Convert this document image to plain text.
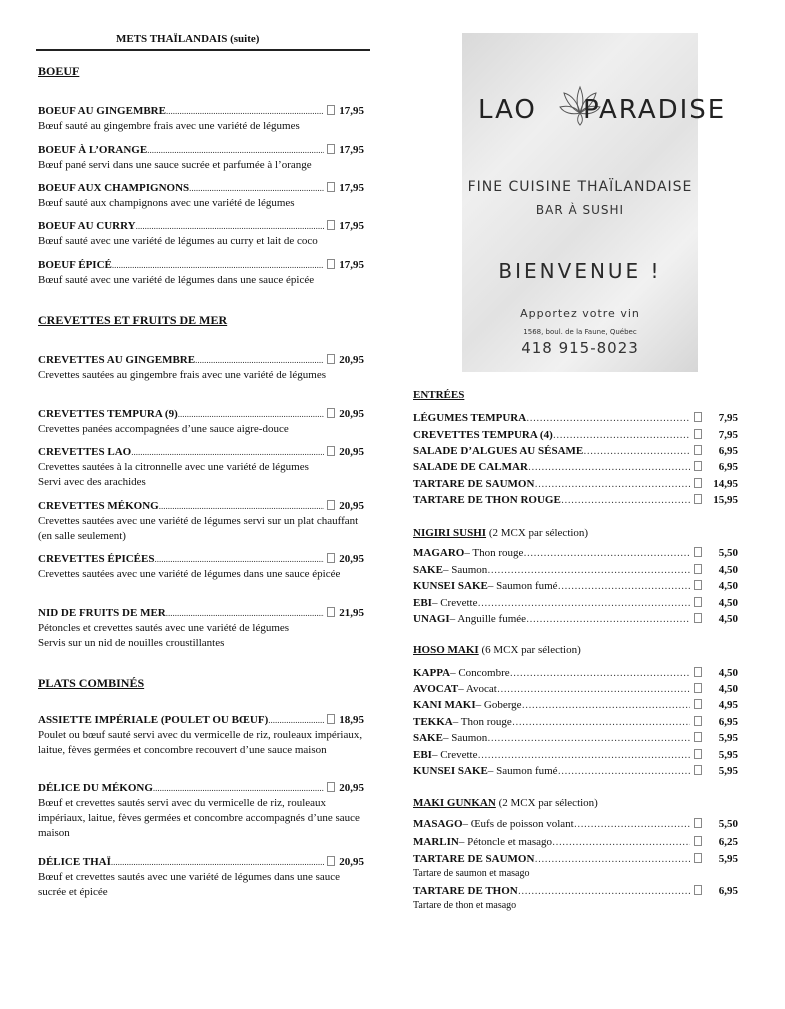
METS THAÏLANDAIS (suite)
BOEUF
BOEUF AU GINGEMBRE .....	17,95
Bœuf sauté au gingembre frais avec une variété de légumes
BOEUF À L’ORANGE .....	17,95
Bœuf pané servi dans une sauce sucrée et parfumée à l’orange
BOEUF AUX CHAMPIGNONS .....	17,95
Bœuf sauté aux champignons avec une variété de légumes
BOEUF AU CURRY .....	17,95
Bœuf sauté avec une variété de légumes au curry et lait de coco
BOEUF ÉPICÉ .....	17,95
Bœuf sauté avec une variété de légumes dans une sauce épicée
CREVETTES ET FRUITS DE MER
CREVETTES AU GINGEMBRE .....	20,95
Crevettes sautées au gingembre frais avec une variété de légumes
CREVETTES TEMPURA (9) .....	20,95
Crevettes panées accompagnées d’une sauce aigre-douce
CREVETTES LAO .....	20,95
Crevettes sautées à la citronnelle avec une variété de légumes
Servi avec des arachides
CREVETTES MÉKONG .....	20,95
Crevettes sautées avec une variété de légumes servi sur un plat chauffant (en salle seulement)
CREVETTES ÉPICÉES .....	20,95
Crevettes sautées avec une variété de légumes dans une sauce épicée
NID DE FRUITS DE MER .....	21,95
Pétoncles et crevettes sautés avec une variété de légumes
Servis sur un nid de nouilles croustillantes
PLATS COMBINÉS
ASSIETTE IMPÉRIALE (POULET OU BŒUF) .....	18,95
Poulet ou bœuf sauté servi avec du vermicelle de riz, rouleaux impériaux, laitue, fèves germées et concombre recouvert d’une sauce maison
DÉLICE DU MÉKONG .....	20,95
Bœuf et crevettes sautés servi avec du vermicelle de riz, rouleaux impériaux, laitue, fèves germées et concombre accompagnés d’une sauce maison
DÉLICE THAÏ .....	20,95
Bœuf et crevettes sautés avec une variété de légumes dans une sauce sucrée et épicée
LAO PARADISE
FINE CUISINE THAÏLANDAISE
BAR À SUSHI
BIENVENUE !
Apportez votre vin
1568, boul. de la Faune, Québec
418 915-8023
ENTRÉES
LÉGUMES TEMPURA …………………………………………………………………………………………………………………………………………	7,95
CREVETTES TEMPURA (4) …………………………………………………………………………………………………………………………………………	7,95
SALADE D’ALGUES AU SÉSAME …………………………………………………………………………………………………………………………………………	6,95
SALADE DE CALMAR …………………………………………………………………………………………………………………………………………	6,95
TARTARE DE SAUMON …………………………………………………………………………………………………………………………………………	14,95
TARTARE DE THON ROUGE …………………………………………………………………………………………………………………………………………	15,95
NIGIRI SUSHI (2 MCX par sélection)
MAGARO – Thon rouge …………………………………………………………………………………………………………………………………………	5,50
SAKE – Saumon …………………………………………………………………………………………………………………………………………	4,50
KUNSEI SAKE – Saumon fumé …………………………………………………………………………………………………………………………………………	4,50
EBI – Crevette …………………………………………………………………………………………………………………………………………	4,50
UNAGI – Anguille fumée …………………………………………………………………………………………………………………………………………	4,50
HOSO MAKI (6 MCX par sélection)
KAPPA – Concombre …………………………………………………………………………………………………………………………………………	4,50
AVOCAT – Avocat …………………………………………………………………………………………………………………………………………	4,50
KANI MAKI – Goberge …………………………………………………………………………………………………………………………………………	4,95
TEKKA – Thon rouge …………………………………………………………………………………………………………………………………………	6,95
SAKE – Saumon …………………………………………………………………………………………………………………………………………	5,95
EBI – Crevette …………………………………………………………………………………………………………………………………………	5,95
KUNSEI SAKE – Saumon fumé …………………………………………………………………………………………………………………………………………	5,95
MAKI GUNKAN (2 MCX par sélection)
MASAGO – Œufs de poisson volant …………………………………………………………………………………………………………………………………………	5,50
MARLIN – Pétoncle et masago …………………………………………………………………………………………………………………………………………	6,25
TARTARE DE SAUMON …………………………………………………………………………………………………………………………………………	5,95
Tartare de saumon et masago
TARTARE DE THON …………………………………………………………………………………………………………………………………………	6,95
Tartare de thon et masago
